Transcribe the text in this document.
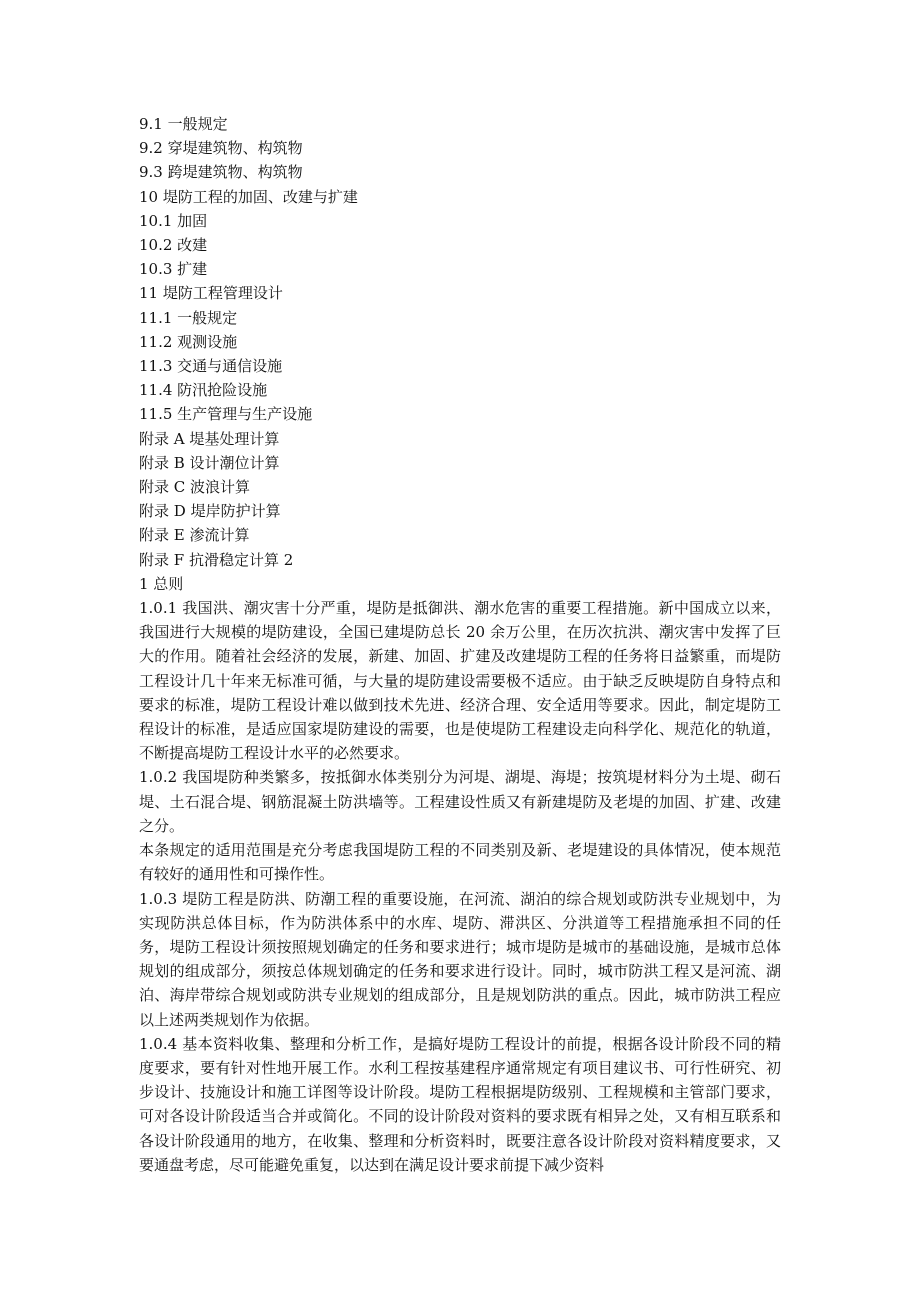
9.1 一般规定
9.2 穿堤建筑物、构筑物
9.3 跨堤建筑物、构筑物
10 堤防工程的加固、改建与扩建
10.1 加固
10.2 改建
10.3 扩建
11 堤防工程管理设计
11.1 一般规定
11.2 观测设施
11.3 交通与通信设施
11.4 防汛抢险设施
11.5 生产管理与生产设施
附录 A 堤基处理计算
附录 B 设计潮位计算
附录 C 波浪计算
附录 D 堤岸防护计算
附录 E 渗流计算
附录 F 抗滑稳定计算 2
1 总则

1.0.1 我国洪、潮灾害十分严重，堤防是抵御洪、潮水危害的重要工程措施。新中国成立以来，我国进行大规模的堤防建设，全国已建堤防总长 20 余万公里，在历次抗洪、潮灾害中发挥了巨大的作用。随着社会经济的发展，新建、加固、扩建及改建堤防工程的任务将日益繁重，而堤防工程设计几十年来无标准可循，与大量的堤防建设需要极不适应。由于缺乏反映堤防自身特点和要求的标准，堤防工程设计难以做到技术先进、经济合理、安全适用等要求。因此，制定堤防工程设计的标准，是适应国家堤防建设的需要，也是使堤防工程建设走向科学化、规范化的轨道，不断提高堤防工程设计水平的必然要求。

1.0.2 我国堤防种类繁多，按抵御水体类别分为河堤、湖堤、海堤；按筑堤材料分为土堤、砌石堤、土石混合堤、钢筋混凝土防洪墙等。工程建设性质又有新建堤防及老堤的加固、扩建、改建之分。

本条规定的适用范围是充分考虑我国堤防工程的不同类别及新、老堤建设的具体情况，使本规范有较好的通用性和可操作性。

1.0.3 堤防工程是防洪、防潮工程的重要设施，在河流、湖泊的综合规划或防洪专业规划中，为实现防洪总体目标，作为防洪体系中的水库、堤防、滞洪区、分洪道等工程措施承担不同的任务，堤防工程设计须按照规划确定的任务和要求进行；城市堤防是城市的基础设施，是城市总体规划的组成部分，须按总体规划确定的任务和要求进行设计。同时，城市防洪工程又是河流、湖泊、海岸带综合规划或防洪专业规划的组成部分，且是规划防洪的重点。因此，城市防洪工程应以上述两类规划作为依据。

1.0.4 基本资料收集、整理和分析工作，是搞好堤防工程设计的前提，根据各设计阶段不同的精度要求，要有针对性地开展工作。水利工程按基建程序通常规定有项目建议书、可行性研究、初步设计、技施设计和施工详图等设计阶段。堤防工程根据堤防级别、工程规模和主管部门要求，可对各设计阶段适当合并或简化。不同的设计阶段对资料的要求既有相异之处，又有相互联系和各设计阶段通用的地方，在收集、整理和分析资料时，既要注意各设计阶段对资料精度要求，又要通盘考虑，尽可能避免重复，以达到在满足设计要求前提下减少资料
